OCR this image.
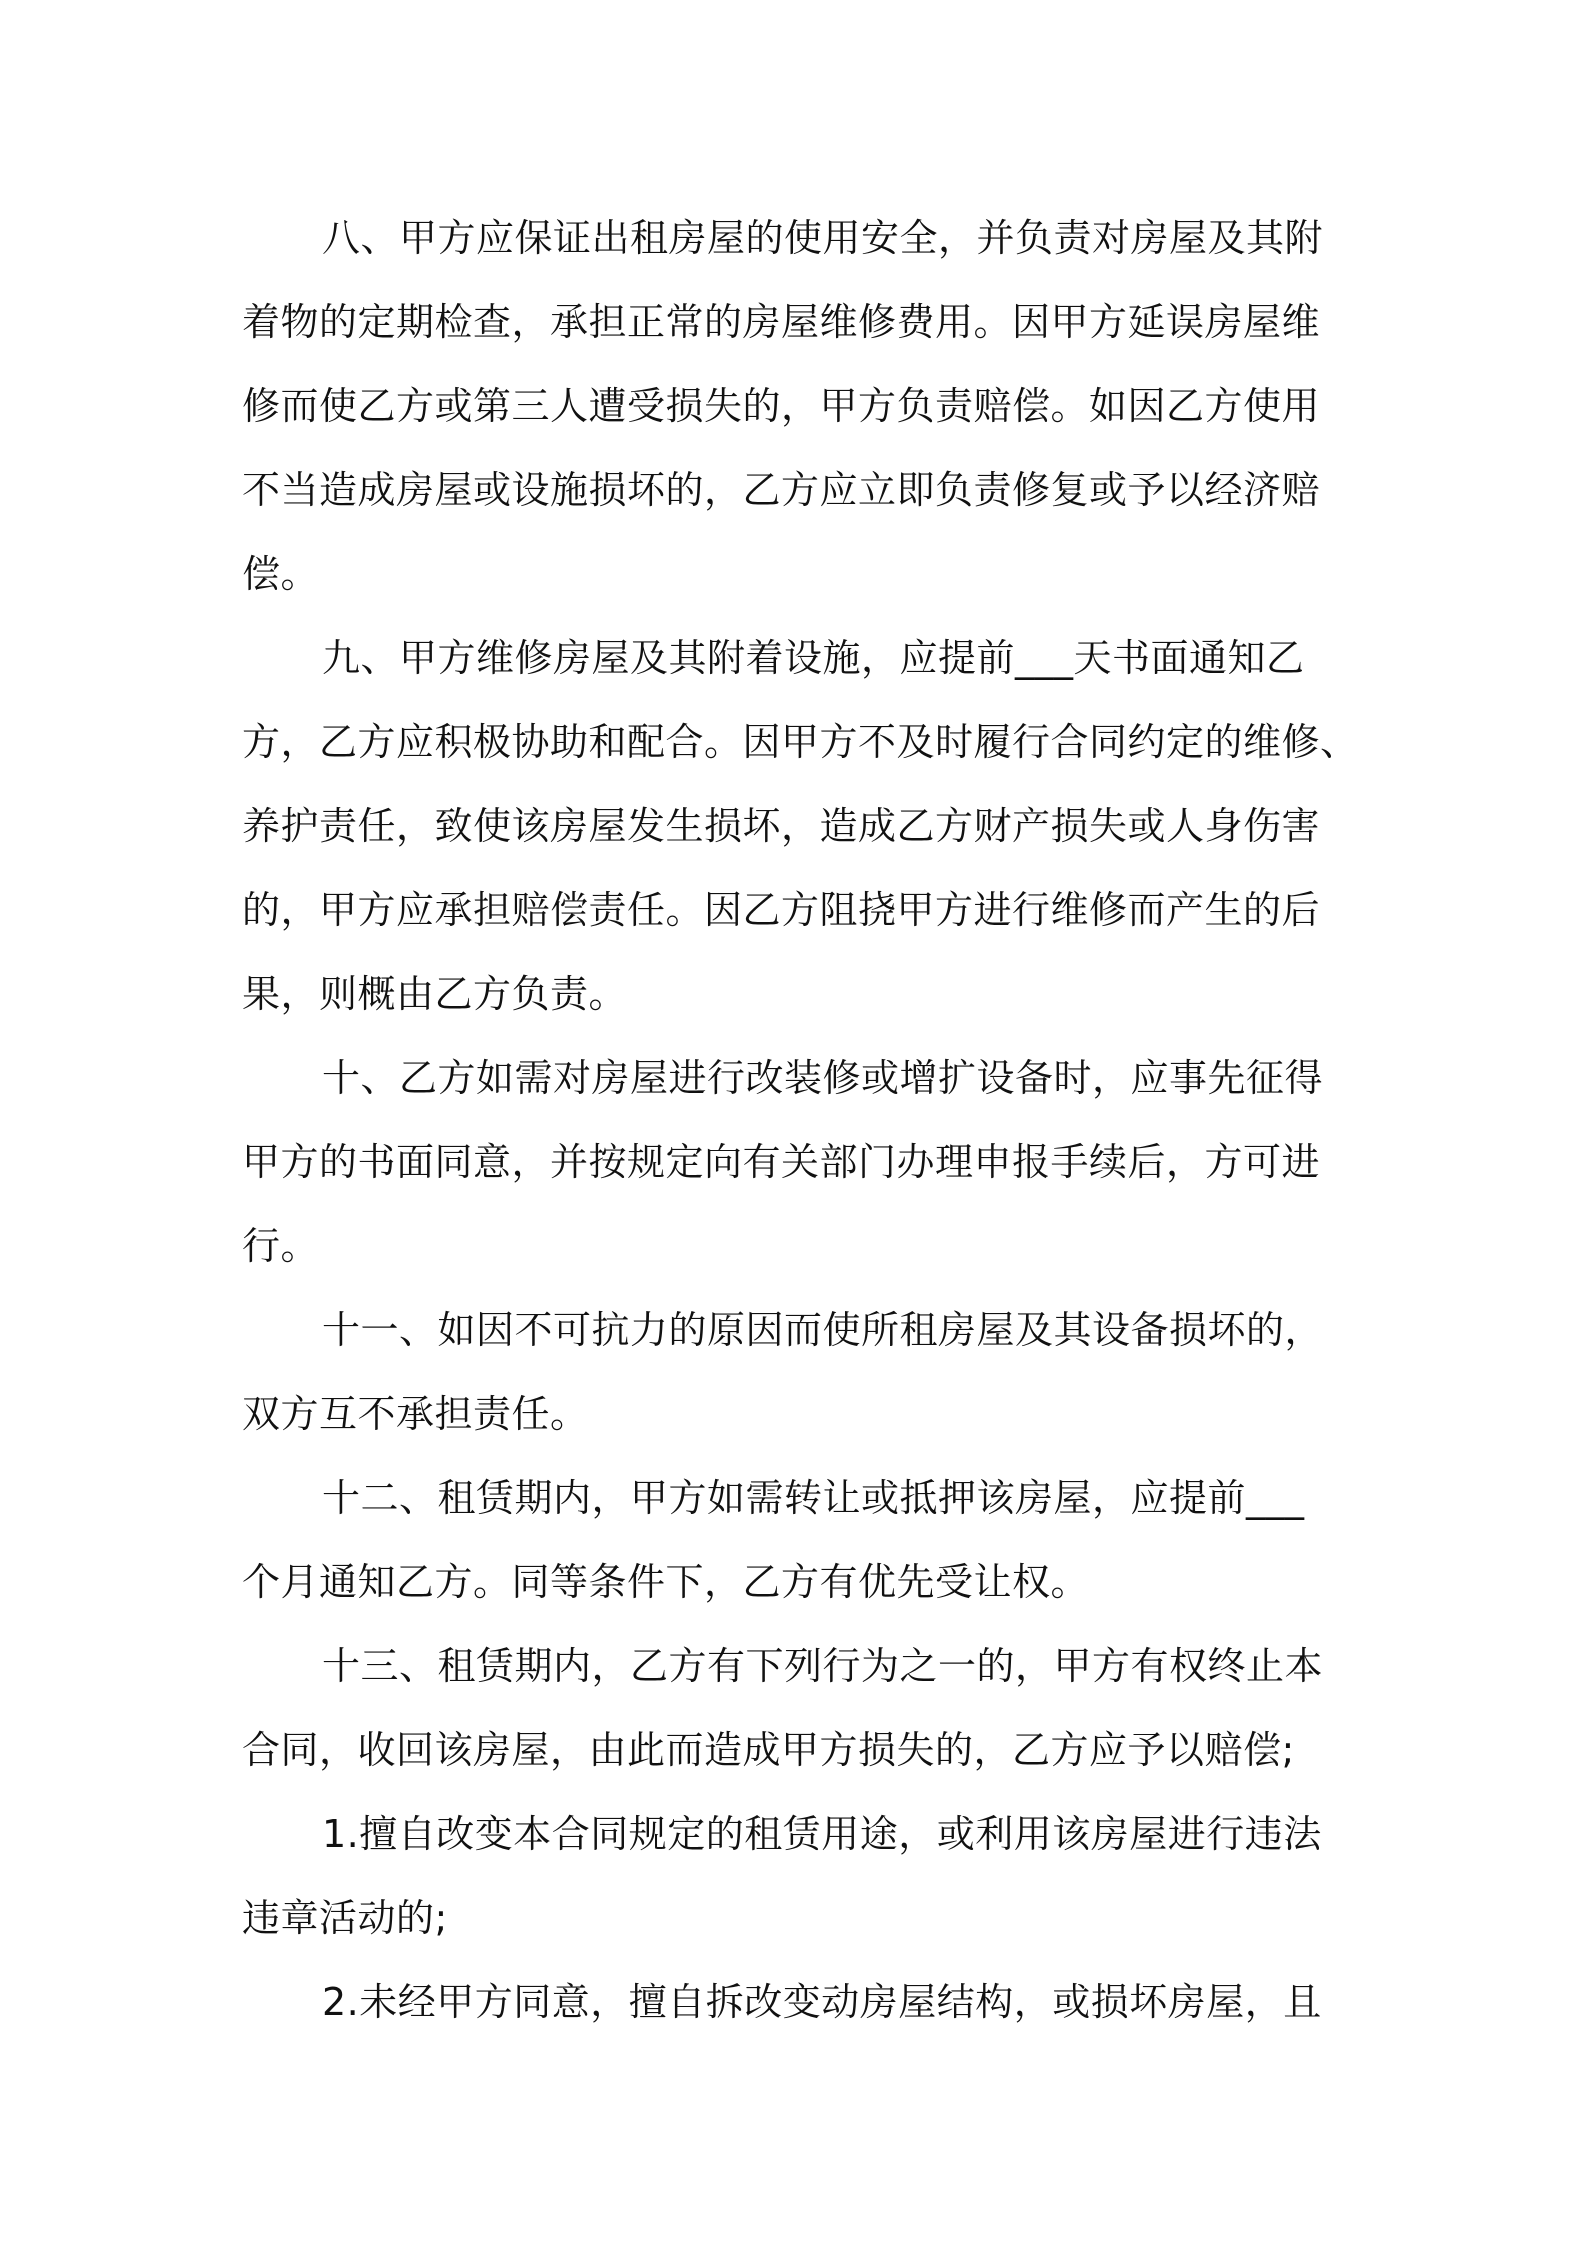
八、甲方应保证出租房屋的使用安全，并负责对房屋及其附
着物的定期检查，承担正常的房屋维修费用。因甲方延误房屋维
修而使乙方或第三人遭受损失的，甲方负责赔偿。如因乙方使用
不当造成房屋或设施损坏的，乙方应立即负责修复或予以经济赔
偿。
九、甲方维修房屋及其附着设施，应提前___天书面通知乙
方，乙方应积极协助和配合。因甲方不及时履行合同约定的维修、
养护责任，致使该房屋发生损坏，造成乙方财产损失或人身伤害
的，甲方应承担赔偿责任。因乙方阻挠甲方进行维修而产生的后
果，则概由乙方负责。
十、乙方如需对房屋进行改装修或增扩设备时，应事先征得
甲方的书面同意，并按规定向有关部门办理申报手续后，方可进
行。
十一、如因不可抗力的原因而使所租房屋及其设备损坏的，
双方互不承担责任。
十二、租赁期内，甲方如需转让或抵押该房屋，应提前___
个月通知乙方。同等条件下，乙方有优先受让权。
十三、租赁期内，乙方有下列行为之一的，甲方有权终止本
合同，收回该房屋，由此而造成甲方损失的，乙方应予以赔偿;
1.擅自改变本合同规定的租赁用途，或利用该房屋进行违法
违章活动的;
2.未经甲方同意，擅自拆改变动房屋结构，或损坏房屋，且
